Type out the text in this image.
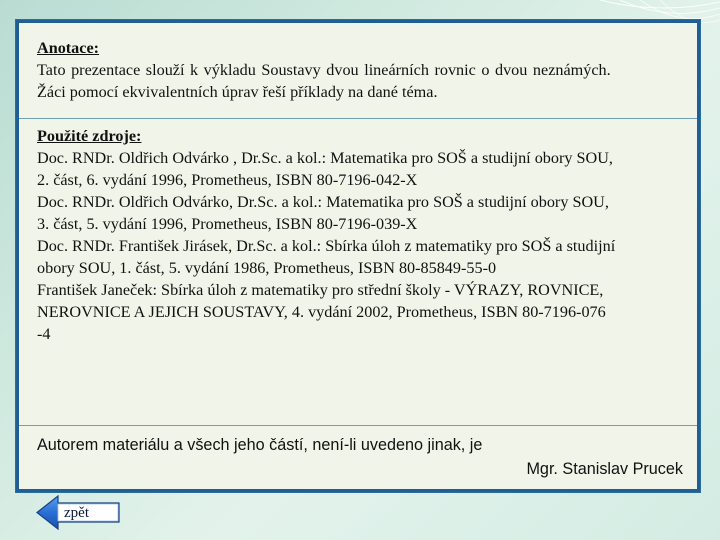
Anotace:
Tato prezentace slouží k výkladu Soustavy dvou lineárních rovnic o dvou neznámých.
Žáci pomocí ekvivalentních úprav řeší příklady na dané téma.
Použité zdroje:
Doc. RNDr. Oldřich Odvárko , Dr.Sc. a kol.: Matematika pro SOŠ a studijní obory SOU,
2. část, 6. vydání 1996, Prometheus, ISBN 80-7196-042-X
Doc. RNDr. Oldřich Odvárko, Dr.Sc. a kol.: Matematika pro SOŠ a studijní obory SOU,
3. část, 5. vydání 1996, Prometheus, ISBN 80-7196-039-X
Doc. RNDr. František Jirásek, Dr.Sc. a kol.: Sbírka úloh z matematiky pro SOŠ a studijní
obory SOU, 1. část, 5. vydání 1986, Prometheus, ISBN 80-85849-55-0
František Janeček: Sbírka úloh z matematiky pro střední školy - VÝRAZY, ROVNICE,
NEROVNICE A JEJICH SOUSTAVY, 4. vydání 2002, Prometheus, ISBN 80-7196-076
-4
Autorem materiálu a všech jeho částí, není-li uvedeno jinak, je
Mgr. Stanislav Prucek
zpět
